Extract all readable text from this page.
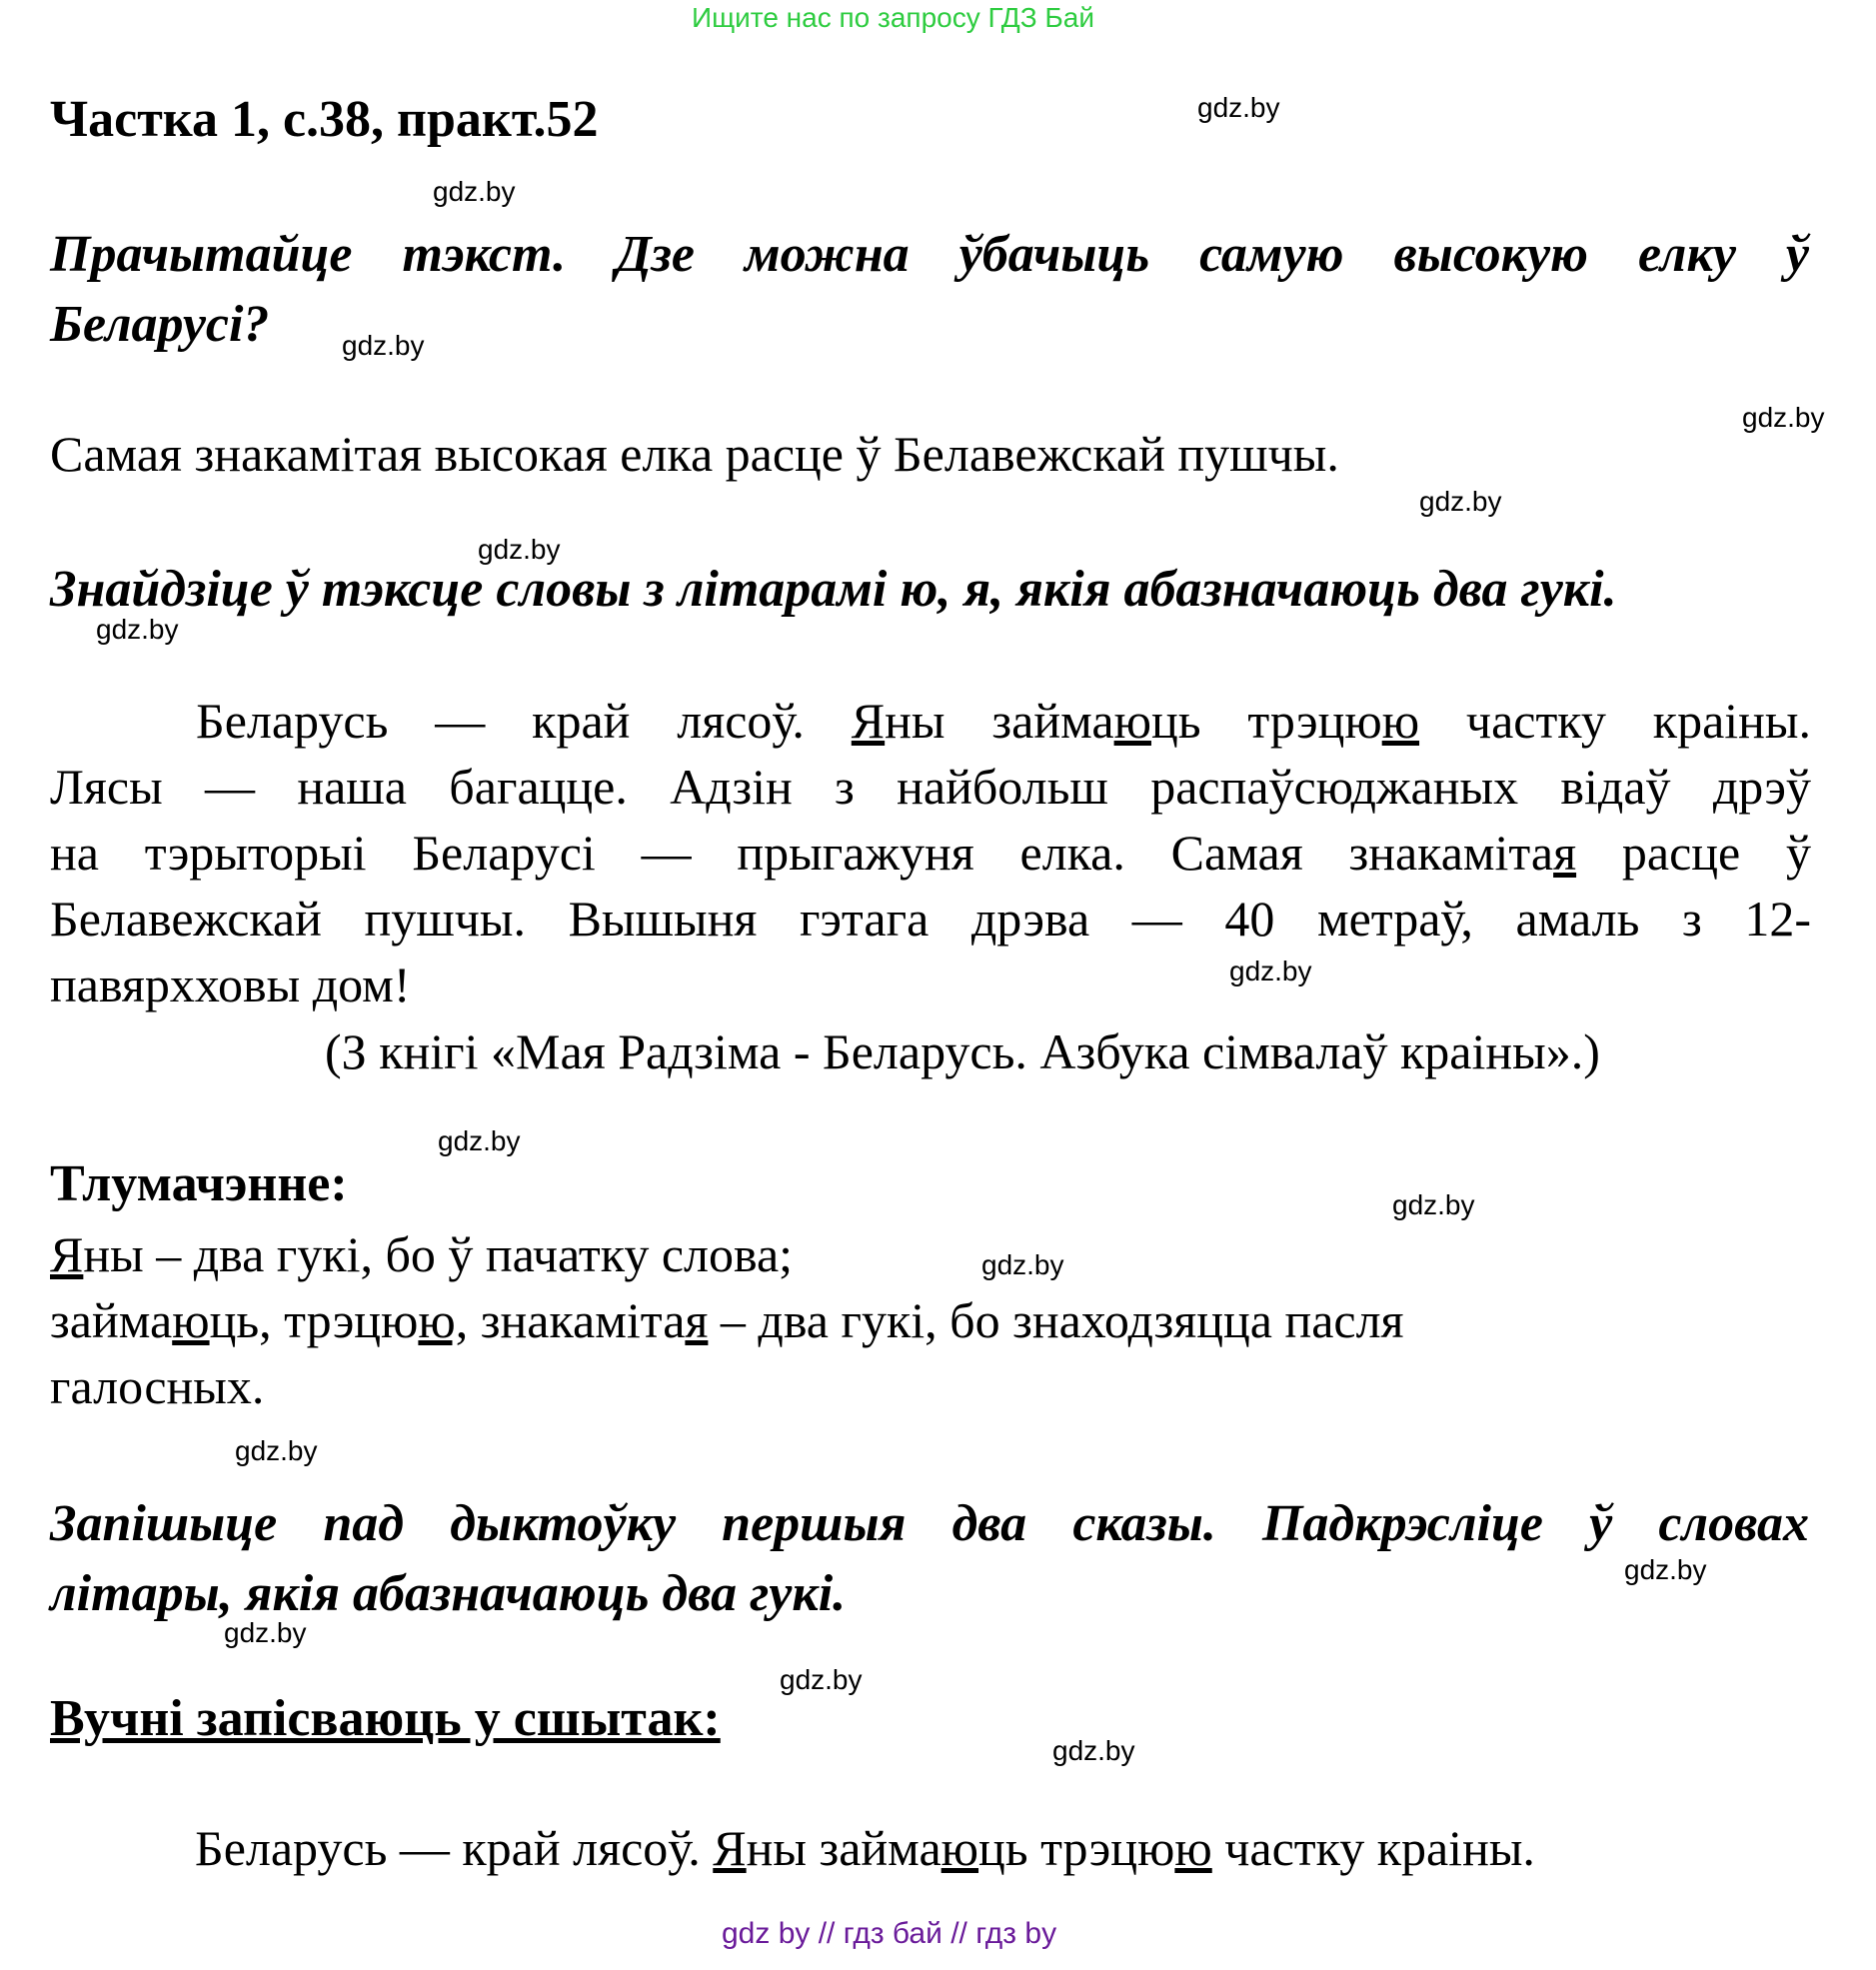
Ищите нас по запросу ГДЗ Бай
Частка 1, с.38, практ.52
Прачытайце тэкст. Дзе можна ўбачыць самую высокую елку ў
Беларусі?
Самая знакамітая высокая елка расце ў Белавежскай пушчы.
Знайдзіце ў тэксце словы з літарамі ю, я, якія абазначаюць два гукі.
Беларусь — край лясоў. Яны займаюць трэцюю частку краіны.
Лясы — наша багацце. Адзін з найбольш распаўсюджаных відаў дрэў
на тэрыторыі Беларусі — прыгажуня елка. Самая знакамітая расце ў
Белавежскай пушчы. Вышыня гэтага дрэва — 40 метраў, амаль з 12-
павярхховы дом!
(З кнігі «Мая Радзіма - Беларусь. Азбука сімвалаў краіны».)
Тлумачэнне:
Яны – два гукі, бо ў пачатку слова;
займаюць, трэцюю, знакамітая – два гукі, бо знаходзяцца пасля
галосных.
Запішыце пад дыктоўку першыя два сказы. Падкрэсліце ў словах
літары, якія абазначаюць два гукі.
Вучні запісваюць у сшытак:
Беларусь — край лясоў. Яны займаюць трэцюю частку краіны.
gdz.by
gdz.by
gdz.by
gdz.by
gdz.by
gdz.by
gdz.by
gdz.by
gdz.by
gdz.by
gdz.by
gdz.by
gdz.by
gdz.by
gdz.by
gdz.by
gdz by // гдз бай // гдз by
